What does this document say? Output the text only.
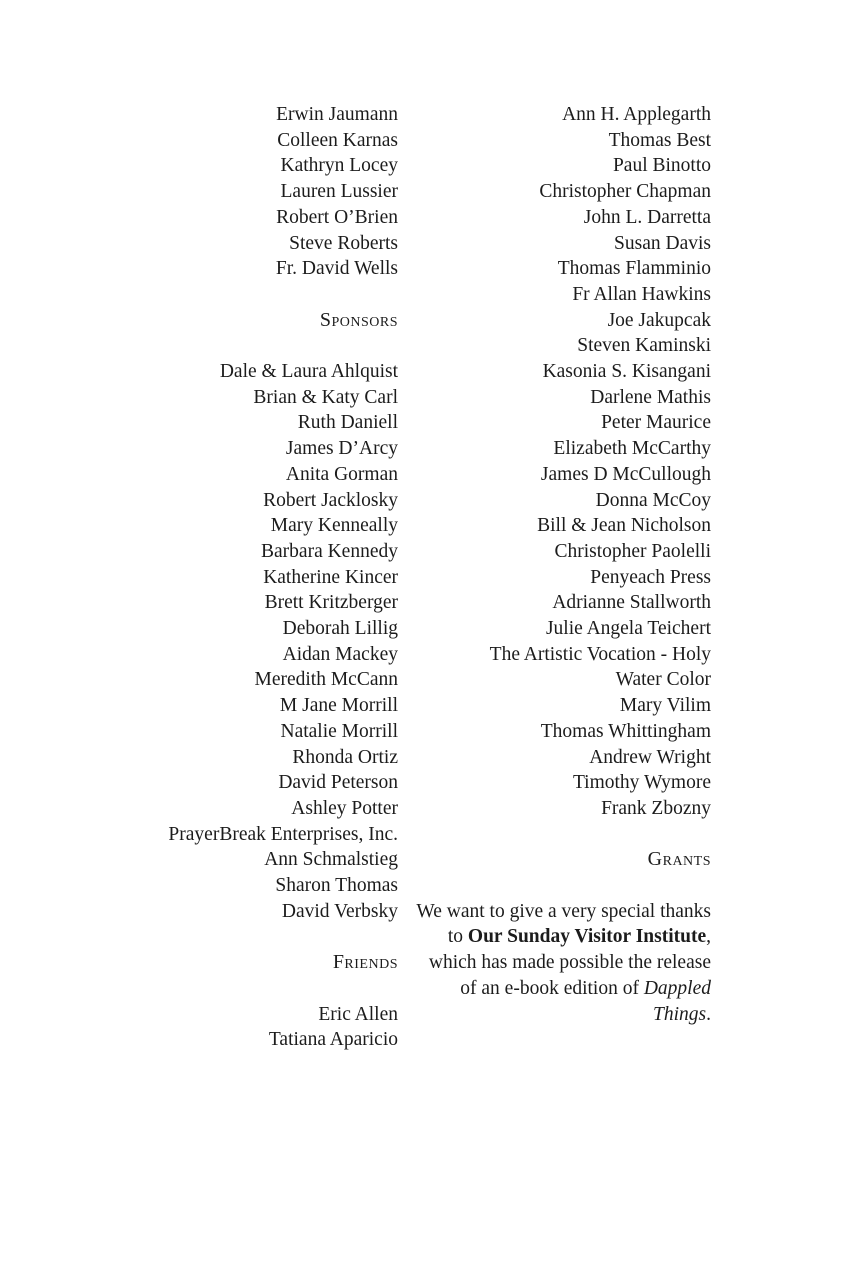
Erwin Jaumann
Colleen Karnas
Kathryn Locey
Lauren Lussier
Robert O’Brien
Steve Roberts
Fr. David Wells
Sponsors
Dale & Laura Ahlquist
Brian & Katy Carl
Ruth Daniell
James D’Arcy
Anita Gorman
Robert Jacklosky
Mary Kenneally
Barbara Kennedy
Katherine Kincer
Brett Kritzberger
Deborah Lillig
Aidan Mackey
Meredith McCann
M Jane Morrill
Natalie Morrill
Rhonda Ortiz
David Peterson
Ashley Potter
PrayerBreak Enterprises, Inc.
Ann Schmalstieg
Sharon Thomas
David Verbsky
Friends
Eric Allen
Tatiana Aparicio
Ann H. Applegarth
Thomas Best
Paul Binotto
Christopher Chapman
John L. Darretta
Susan Davis
Thomas Flamminio
Fr Allan Hawkins
Joe Jakupcak
Steven Kaminski
Kasonia S. Kisangani
Darlene Mathis
Peter Maurice
Elizabeth McCarthy
James D McCullough
Donna McCoy
Bill & Jean Nicholson
Christopher Paolelli
Penyeach Press
Adrianne Stallworth
Julie Angela Teichert
The Artistic Vocation - Holy
Water Color
Mary Vilim
Thomas Whittingham
Andrew Wright
Timothy Wymore
Frank Zbozny
Grants

We want to give a very special thanks to Our Sunday Visitor Institute, which has made possible the release of an e-book edition of Dappled Things.
